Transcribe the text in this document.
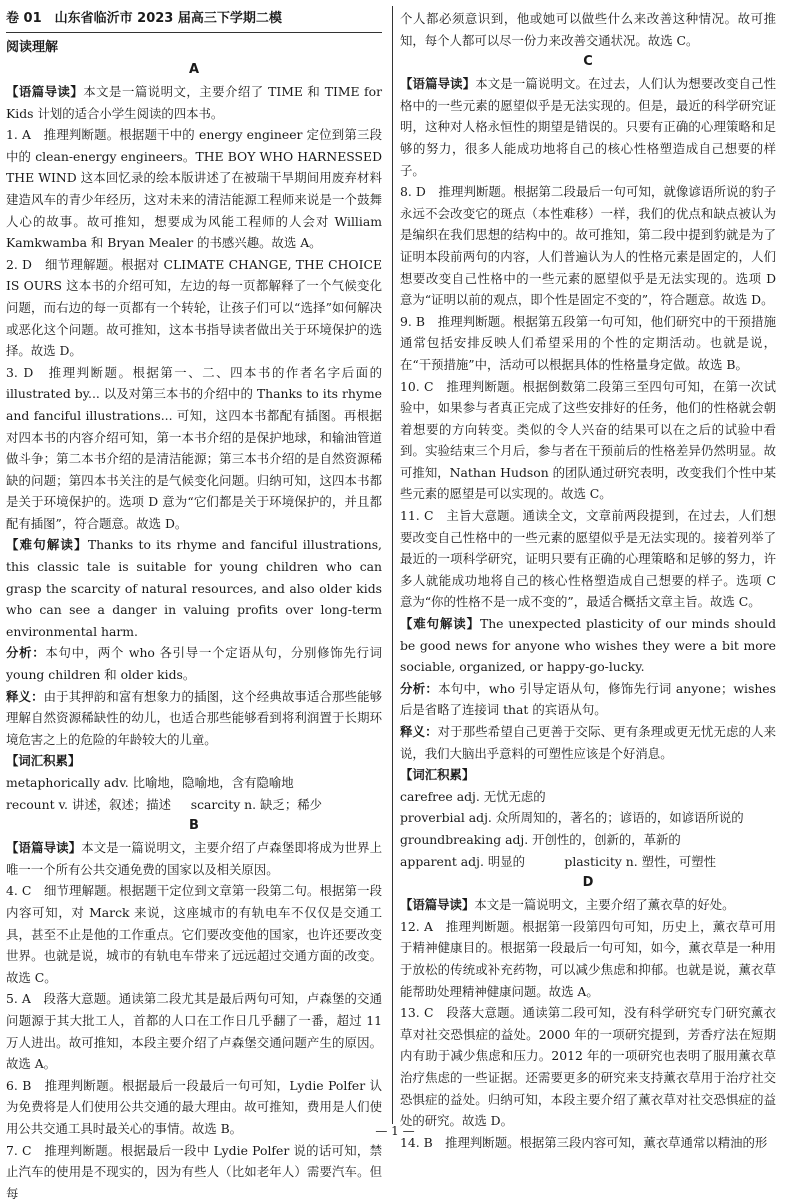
卷 01　山东省临沂市 2023 届高三下学期二模
阅读理解
A

【语篇导读】本文是一篇说明文，主要介绍了 TIME 和 TIME for Kids 计划的适合小学生阅读的四本书。

1. A　推理判断题。根据题干中的 energy engineer 定位到第三段中的 clean-energy engineers。THE BOY WHO HARNESSED THE WIND 这本回忆录的绘本版讲述了在被瑞干旱期间用废弃材料建造风车的青少年经历，这对未来的清洁能源工程师来说是一个鼓舞人心的故事。故可推知，想要成为风能工程师的人会对 William Kamkwamba 和 Bryan Mealer 的书感兴趣。故选 A。

2. D　细节理解题。根据对 CLIMATE CHANGE, THE CHOICE IS OURS 这本书的介绍可知，左边的每一页都解释了一个气候变化问题，而右边的每一页都有一个转轮，让孩子们可以“选择”如何解决或恶化这个问题。故可推知，这本书指导读者做出关于环境保护的选择。故选 D。

3. D　推理判断题。根据第一、二、四本书的作者名字后面的 illustrated by... 以及对第三本书的介绍中的 Thanks to its rhyme and fanciful illustrations... 可知，这四本书都配有插图。再根据对四本书的内容介绍可知，第一本书介绍的是保护地球，和输油管道做斗争；第二本书介绍的是清洁能源；第三本书介绍的是自然资源稀缺的问题；第四本书关注的是气候变化问题。归纳可知，这四本书都是关于环境保护的。选项 D 意为“它们都是关于环境保护的，并且都配有插图”，符合题意。故选 D。

【难句解读】Thanks to its rhyme and fanciful illustrations, this classic tale is suitable for young children who can grasp the scarcity of natural resources, and also older kids who can see a danger in valuing profits over long-term environmental harm.

分析：本句中，两个 who 各引导一个定语从句，分别修饰先行词 young children 和 older kids。

释义：由于其押韵和富有想象力的插图，这个经典故事适合那些能够理解自然资源稀缺性的幼儿，也适合那些能够看到将利润置于长期环境危害之上的危险的年龄较大的儿童。

【词汇积累】

metaphorically adv. 比喻地，隐喻地，含有隐喻地

recount v. 讲述，叙述；描述 scarcity n. 缺乏；稀少
B

【语篇导读】本文是一篇说明文，主要介绍了卢森堡即将成为世界上唯一一个所有公共交通免费的国家以及相关原因。

4. C　细节理解题。根据题干定位到文章第一段第二句。根据第一段内容可知，对 Marck 来说，这座城市的有轨电车不仅仅是交通工具，甚至不止是他的工作重点。它们要改变他的国家，也许还要改变世界。也就是说，城市的有轨电车带来了远远超过交通方面的改变。故选 C。

5. A　段落大意题。通读第二段尤其是最后两句可知，卢森堡的交通问题源于其大批工人，首都的人口在工作日几乎翻了一番，超过 11 万人进出。故可推知，本段主要介绍了卢森堡交通问题产生的原因。故选 A。

6. B　推理判断题。根据最后一段最后一句可知，Lydie Polfer 认为免费将是人们使用公共交通的最大理由。故可推知，费用是人们使用公共交通工具时最关心的事情。故选 B。

7. C　推理判断题。根据最后一段中 Lydie Polfer 说的话可知，禁止汽车的使用是不现实的，因为有些人（比如老年人）需要汽车。但每

个人都必须意识到，他或她可以做些什么来改善这种情况。故可推知，每个人都可以尽一份力来改善交通状况。故选 C。

C

【语篇导读】本文是一篇说明文。在过去，人们认为想要改变自己性格中的一些元素的愿望似乎是无法实现的。但是，最近的科学研究证明，这种对人格永恒性的期望是错误的。只要有正确的心理策略和足够的努力，很多人能成功地将自己的核心性格塑造成自己想要的样子。

8. D　推理判断题。根据第二段最后一句可知，就像谚语所说的豹子永远不会改变它的斑点（本性难移）一样，我们的优点和缺点被认为是编织在我们思想的结构中的。故可推知，第二段中提到豹就是为了证明本段前两句的内容，人们普遍认为人的性格元素是固定的，人们想要改变自己性格中的一些元素的愿望似乎是无法实现的。选项 D 意为“证明以前的观点，即个性是固定不变的”，符合题意。故选 D。

9. B　推理判断题。根据第五段第一句可知，他们研究中的干预措施通常包括安排反映人们希望采用的个性的定期活动。也就是说，在“干预措施”中，活动可以根据具体的性格量身定做。故选 B。

10. C　推理判断题。根据倒数第二段第三至四句可知，在第一次试验中，如果参与者真正完成了这些安排好的任务，他们的性格就会朝着想要的方向转变。类似的令人兴奋的结果可以在之后的试验中看到。实验结束三个月后，参与者在干预前后的性格差异仍然明显。故可推知，Nathan Hudson 的团队通过研究表明，改变我们个性中某些元素的愿望是可以实现的。故选 C。

11. C　主旨大意题。通读全文，文章前两段提到，在过去，人们想要改变自己性格中的一些元素的愿望似乎是无法实现的。接着列举了最近的一项科学研究，证明只要有正确的心理策略和足够的努力，许多人就能成功地将自己的核心性格塑造成自己想要的样子。选项 C 意为“你的性格不是一成不变的”，最适合概括文章主旨。故选 C。

【难句解读】The unexpected plasticity of our minds should be good news for anyone who wishes they were a bit more sociable, organized, or happy-go-lucky.

分析：本句中，who 引导定语从句，修饰先行词 anyone；wishes 后是省略了连接词 that 的宾语从句。

释义：对于那些希望自己更善于交际、更有条理或更无忧无虑的人来说，我们大脑出乎意料的可塑性应该是个好消息。

【词汇积累】

carefree adj. 无忧无虑的

proverbial adj. 众所周知的，著名的；谚语的，如谚语所说的

groundbreaking adj. 开创性的，创新的，革新的

apparent adj. 明显的	plasticity n. 塑性，可塑性
D

【语篇导读】本文是一篇说明文，主要介绍了薰衣草的好处。

12. A　推理判断题。根据第一段第四句可知，历史上，薰衣草可用于精神健康目的。根据第一段最后一句可知，如今，薰衣草是一种用于放松的传统或补充药物，可以减少焦虑和抑郁。也就是说，薰衣草能帮助处理精神健康问题。故选 A。

13. C　段落大意题。通读第二段可知，没有科学研究专门研究薰衣草对社交恐惧症的益处。2000 年的一项研究提到，芳香疗法在短期内有助于减少焦虑和压力。2012 年的一项研究也表明了服用薰衣草治疗焦虑的一些证据。还需要更多的研究来支持薰衣草用于治疗社交恐惧症的益处。归纳可知，本段主要介绍了薰衣草对社交恐惧症的益处的研究。故选 D。

14. B　推理判断题。根据第三段内容可知，薰衣草通常以精油的形

— 1 —
